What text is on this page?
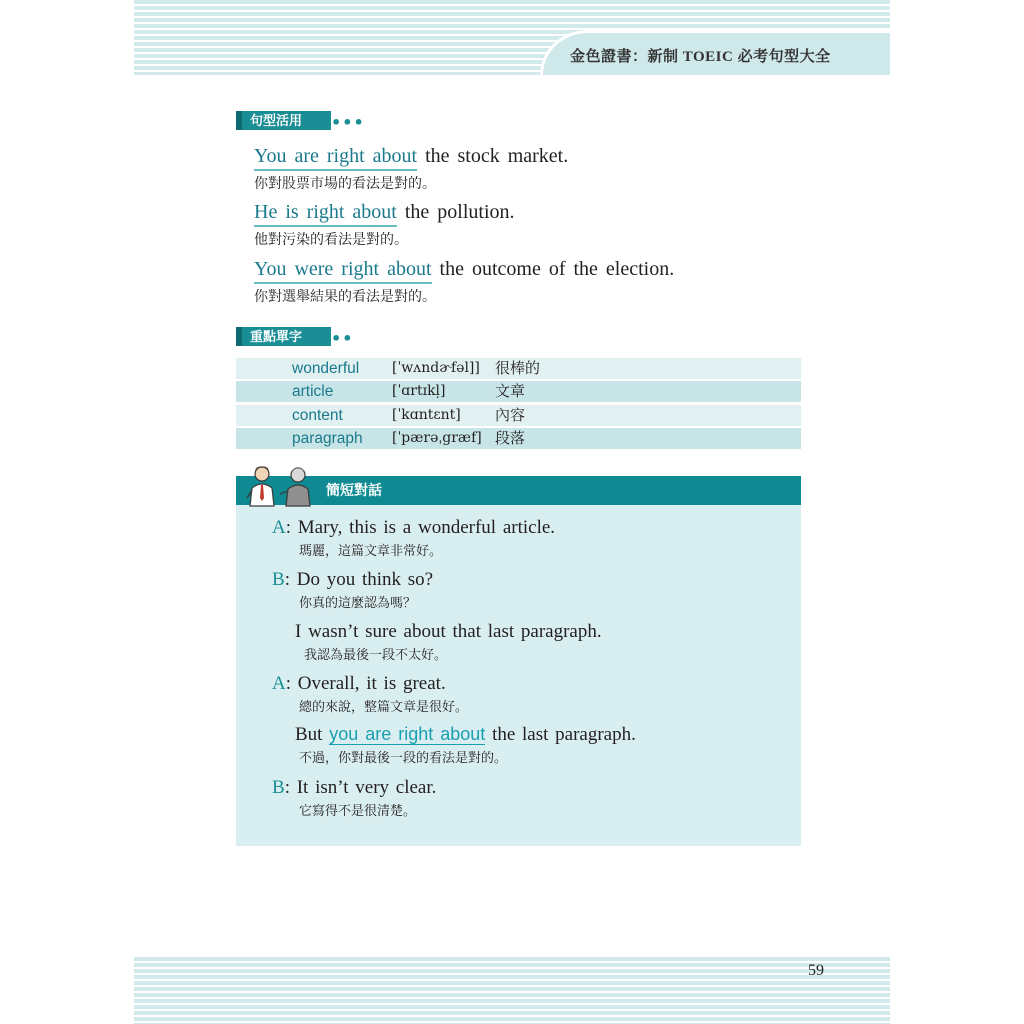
金色證書：新制 TOEIC 必考句型大全
59
句型活用	•••
You are right about the stock market.
你對股票市場的看法是對的。
He is right about the pollution.
他對污染的看法是對的。
You were right about the outcome of the election.
你對選舉結果的看法是對的。
重點單字	••
wonderful [ˈwʌndɚfəl]] 很棒的
article	[ˈɑrtɪkḷ]	文章
content	[ˈkɑntɛnt] 內容
paragraph [ˈpærəˌgræf] 段落
簡短對話
A: Mary, this is a wonderful article.
瑪麗，這篇文章非常好。
B: Do you think so?
你真的這麼認為嗎？
I wasn’t sure about that last paragraph.
我認為最後一段不太好。
A: Overall, it is great.
總的來說，整篇文章是很好。
But you are right about the last paragraph.
不過，你對最後一段的看法是對的。
B: It isn’t very clear.
它寫得不是很清楚。
